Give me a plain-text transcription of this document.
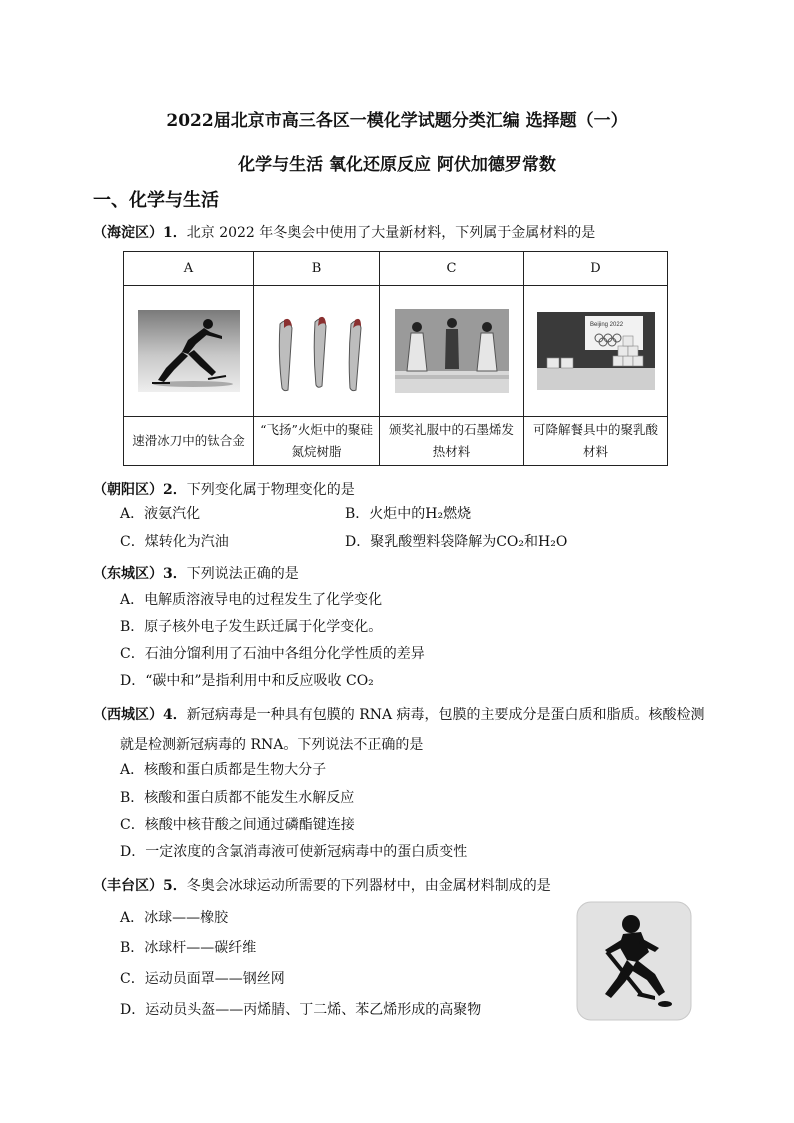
2022届北京市高三各区一模化学试题分类汇编 选择题（一）
化学与生活 氧化还原反应 阿伏加德罗常数
一、化学与生活
（海淀区）1．北京 2022 年冬奥会中使用了大量新材料，下列属于金属材料的是
A	B	C	D

Beijing 2022

速滑冰刀中的钛合金	“飞扬”火炬中的聚硅氮烷树脂	颁奖礼服中的石墨烯发热材料	可降解餐具中的聚乳酸材料
（朝阳区）2．下列变化属于物理变化的是
A．液氨汽化	B．火炬中的H₂燃烧
C．煤转化为汽油	D．聚乳酸塑料袋降解为CO₂和H₂O
（东城区）3．下列说法正确的是
A．电解质溶液导电的过程发生了化学变化
B．原子核外电子发生跃迁属于化学变化。
C．石油分馏利用了石油中各组分化学性质的差异
D．“碳中和”是指利用中和反应吸收 CO₂
（西城区）4．新冠病毒是一种具有包膜的 RNA 病毒，包膜的主要成分是蛋白质和脂质。核酸检测
就是检测新冠病毒的 RNA。下列说法不正确的是
A．核酸和蛋白质都是生物大分子
B．核酸和蛋白质都不能发生水解反应
C．核酸中核苷酸之间通过磷酯键连接
D．一定浓度的含氯消毒液可使新冠病毒中的蛋白质变性
（丰台区）5．冬奥会冰球运动所需要的下列器材中，由金属材料制成的是
A．冰球——橡胶
B．冰球杆——碳纤维
C．运动员面罩——钢丝网
D．运动员头盔——丙烯腈、丁二烯、苯乙烯形成的高聚物
